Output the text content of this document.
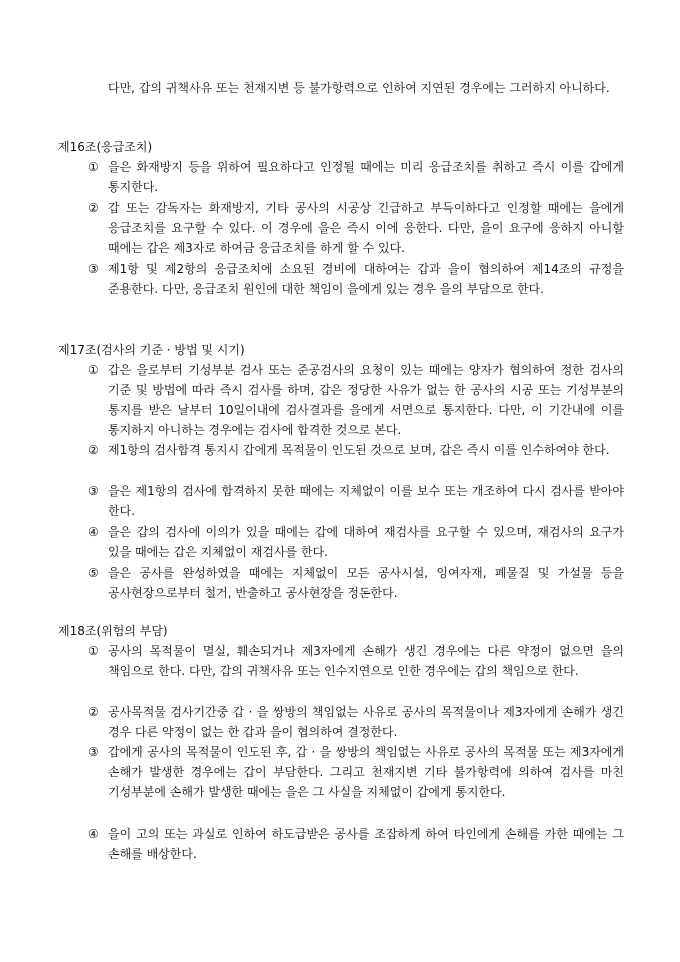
다만, 갑의 귀책사유 또는 천재지변 등 불가항력으로 인하여 지연된 경우에는 그러하지 아니하다.
제16조(응급조치)
① 을은 화재방지 등을 위하여 필요하다고 인정될 때에는 미리 응급조치를 취하고 즉시 이를 갑에게 통지한다.
② 갑 또는 감독자는 화재방지, 기타 공사의 시공상 긴급하고 부득이하다고 인정할 때에는 을에게 응급조치를 요구할 수 있다. 이 경우에 을은 즉시 이에 응한다. 다만, 을이 요구에 응하지 아니할 때에는 갑은 제3자로 하여금 응급조치를 하게 할 수 있다.
③ 제1항 및 제2항의 응급조치에 소요된 경비에 대하여는 갑과 을이 협의하여 제14조의 규정을 준용한다. 다만, 응급조치 원인에 대한 책임이 을에게 있는 경우 을의 부담으로 한다.
제17조(검사의 기준 · 방법 및 시기)
① 갑은 을로부터 기성부분 검사 또는 준공검사의 요청이 있는 때에는 양자가 협의하여 정한 검사의 기준 및 방법에 따라 즉시 검사를 하며, 갑은 정당한 사유가 없는 한 공사의 시공 또는 기성부분의 통지를 받은 날부터 10일이내에 검사결과를 을에게 서면으로 통지한다. 다만, 이 기간내에 이를 통지하지 아니하는 경우에는 검사에 합격한 것으로 본다.
② 제1항의 검사합격 통지시 갑에게 목적물이 인도된 것으로 보며, 갑은 즉시 이를 인수하여야 한다.
③ 을은 제1항의 검사에 합격하지 못한 때에는 지체없이 이를 보수 또는 개조하여 다시 검사를 받아야 한다.
④ 을은 갑의 검사에 이의가 있을 때에는 갑에 대하여 재검사를 요구할 수 있으며, 재검사의 요구가 있을 때에는 갑은 지체없이 재검사를 한다.
⑤ 을은 공사를 완성하였을 때에는 지체없이 모든 공사시설, 잉여자재, 폐물질 및 가설물 등을 공사현장으로부터 철거, 반출하고 공사현장을 정돈한다.
제18조(위험의 부담)
① 공사의 목적물이 멸실, 훼손되거나 제3자에게 손해가 생긴 경우에는 다른 약정이 없으면 을의 책임으로 한다. 다만, 갑의 귀책사유 또는 인수지연으로 인한 경우에는 갑의 책임으로 한다.
② 공사목적물 검사기간중 갑 · 을 쌍방의 책임없는 사유로 공사의 목적물이나 제3자에게 손해가 생긴 경우 다른 약정이 없는 한 갑과 을이 협의하여 결정한다.
③ 갑에게 공사의 목적물이 인도된 후, 갑 · 을 쌍방의 책임없는 사유로 공사의 목적물 또는 제3자에게 손해가 발생한 경우에는 갑이 부담한다. 그리고 천재지변 기타 불가항력에 의하여 검사를 마친 기성부분에 손해가 발생한 때에는 을은 그 사실을 지체없이 갑에게 통지한다.
④ 을이 고의 또는 과실로 인하여 하도급받은 공사를 조잡하게 하여 타인에게 손해를 가한 때에는 그 손해를 배상한다.
